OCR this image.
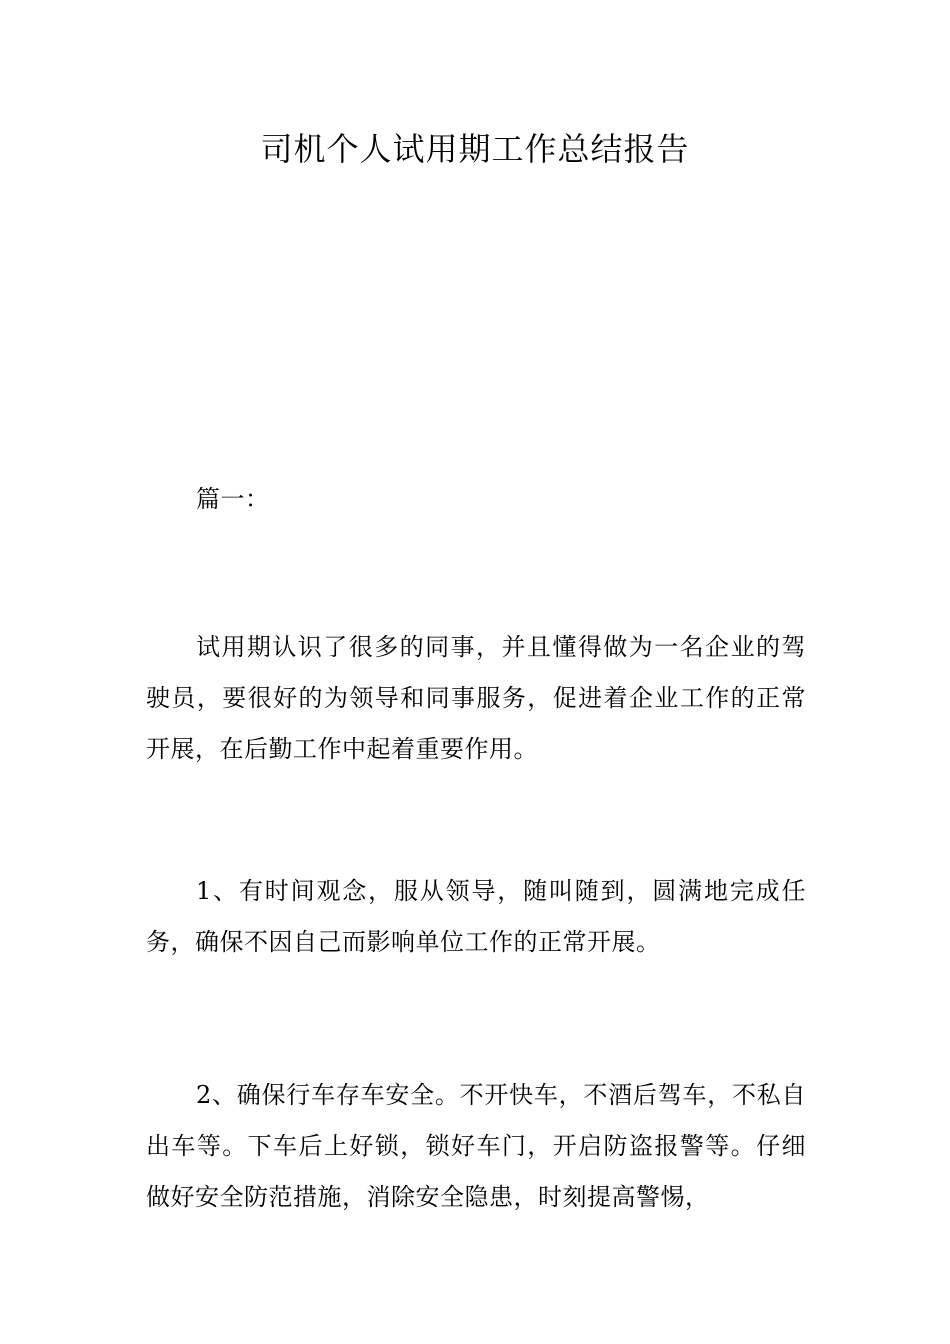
司机个人试用期工作总结报告

篇一：

试用期认识了很多的同事，并且懂得做为一名企业的驾驶员，要很好的为领导和同事服务，促进着企业工作的正常开展，在后勤工作中起着重要作用。

1、有时间观念，服从领导，随叫随到，圆满地完成任务，确保不因自己而影响单位工作的正常开展。

2、确保行车存车安全。不开快车，不酒后驾车，不私自出车等。下车后上好锁，锁好车门，开启防盗报警等。仔细做好安全防范措施，消除安全隐患，时刻提高警惕，
